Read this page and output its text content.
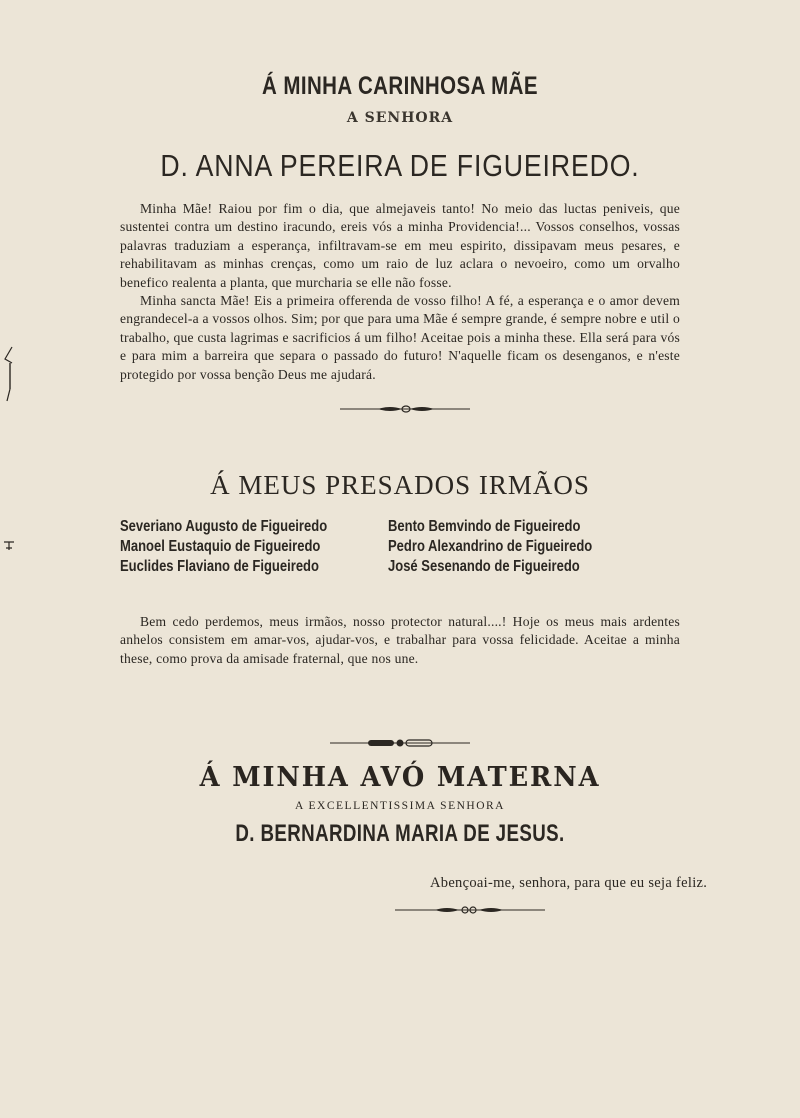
Á MINHA CARINHOSA MÃE
A SENHORA
D. ANNA PEREIRA DE FIGUEIREDO.
Minha Mãe! Raiou por fim o dia, que almejaveis tanto! No meio das luctas peniveis, que sustentei contra um destino iracundo, ereis vós a minha Providencia!... Vossos conselhos, vossas palavras traduziam a esperança, infiltravam-se em meu espirito, dissipavam meus pesares, e rehabilitavam as minhas crenças, como um raio de luz aclara o nevoeiro, como um orvalho benefico realenta a planta, que murcharia se elle não fosse.
Minha sancta Mãe! Eis a primeira offerenda de vosso filho! A fé, a esperança e o amor devem engrandecel-a a vossos olhos. Sim; por que para uma Mãe é sempre grande, é sempre nobre e util o trabalho, que custa lagrimas e sacrificios á um filho! Aceitae pois a minha these. Ella será para vós e para mim a barreira que separa o passado do futuro! N'aquelle ficam os desenganos, e n'este protegido por vossa benção Deus me ajudará.
Á MEUS PRESADOS IRMÃOS
Severiano Augusto de Figueiredo
Manoel Eustaquio de Figueiredo
Euclides Flaviano de Figueiredo
Bento Bemvindo de Figueiredo
Pedro Alexandrino de Figueiredo
José Sesenando de Figueiredo
Bem cedo perdemos, meus irmãos, nosso protector natural....! Hoje os meus mais ardentes anhelos consistem em amar-vos, ajudar-vos, e trabalhar para vossa felicidade. Aceitae a minha these, como prova da amisade fraternal, que nos une.
Á MINHA AVÓ MATERNA
A EXCELLENTISSIMA SENHORA
D. BERNARDINA MARIA DE JESUS.
Abençoai-me, senhora, para que eu seja feliz.
